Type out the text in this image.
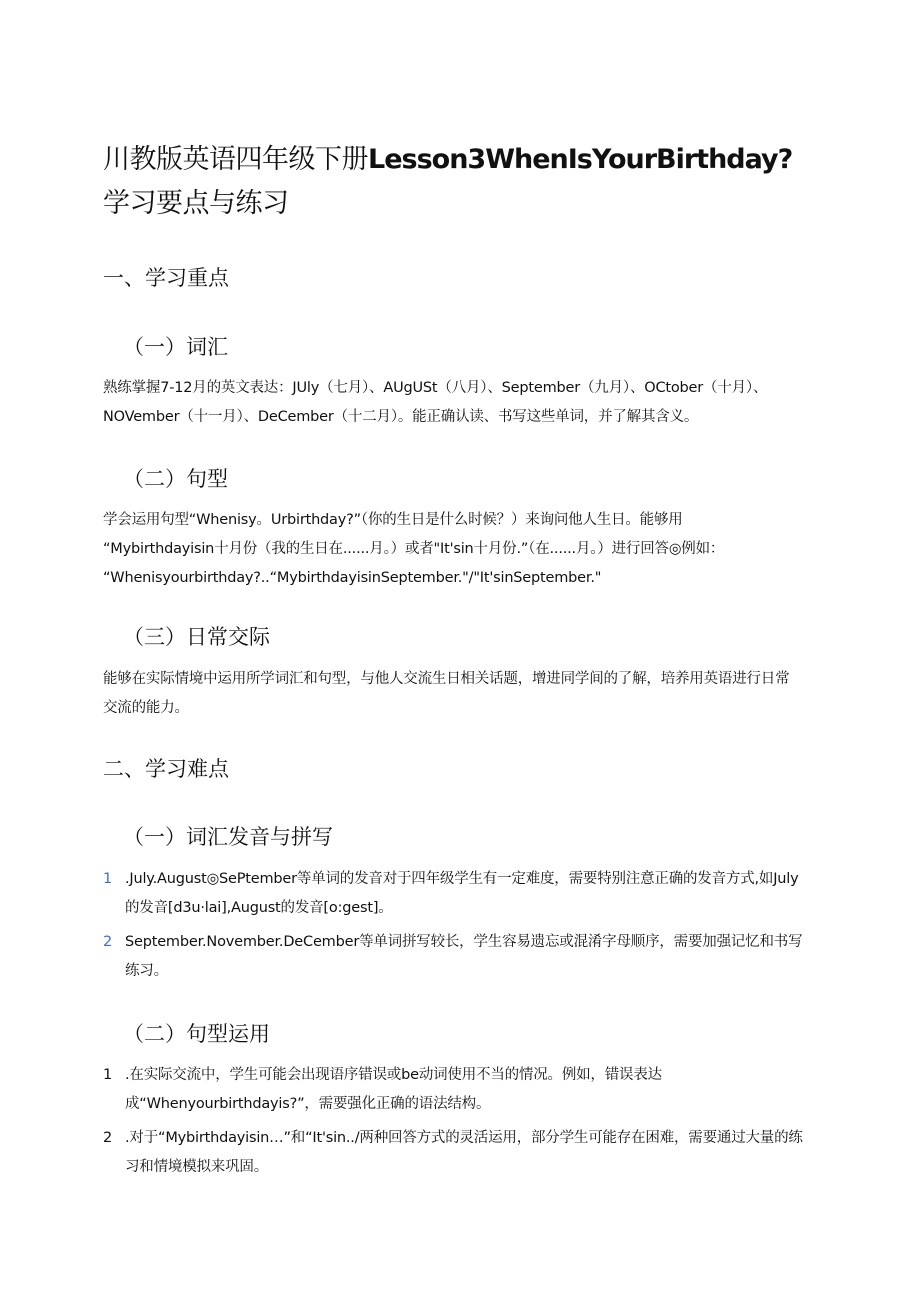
川教版英语四年级下册Lesson3WhenIsYourBirthday?学习要点与练习
一、学习重点
（一）词汇

熟练掌握7-12月的英文表达：JUly（七月）、AUgUSt（八月）、September（九月）、OCtober（十月）、NOVember（十一月）、DeCember（十二月）。能正确认读、书写这些单词，并了解其含义。

（二）句型

学会运用句型“Whenisy。Urbirthday?”（你的生日是什么时候？）来询问他人生日。能够用
“Mybirthdayisin十月份（我的生日在......月。）或者"It'sin十月份.”（在......月。）进行回答◎例如：
“Whenisyourbirthday?..“MybirthdayisinSeptember."/"It'sinSeptember."

（三）日常交际

能够在实际情境中运用所学词汇和句型，与他人交流生日相关话题，增进同学间的了解，培养用英语进行日常交流的能力。

二、学习难点
（一）词汇发音与拼写
1 .July.August◎SePtember等单词的发音对于四年级学生有一定难度，需要特别注意正确的发音方式,如July的发音[d3u·lai],August的发音[o:gest]。
2 September.November.DeCember等单词拼写较长，学生容易遗忘或混淆字母顺序，需要加强记忆和书写练习。
（二）句型运用
1 .在实际交流中，学生可能会出现语序错误或be动词使用不当的情况。例如，错误表达成“Whenyourbirthdayis?”，需要强化正确的语法结构。
2 .对于“Mybirthdayisin…”和“It'sin../两种回答方式的灵活运用，部分学生可能存在困难，需要通过大量的练习和情境模拟来巩固。
